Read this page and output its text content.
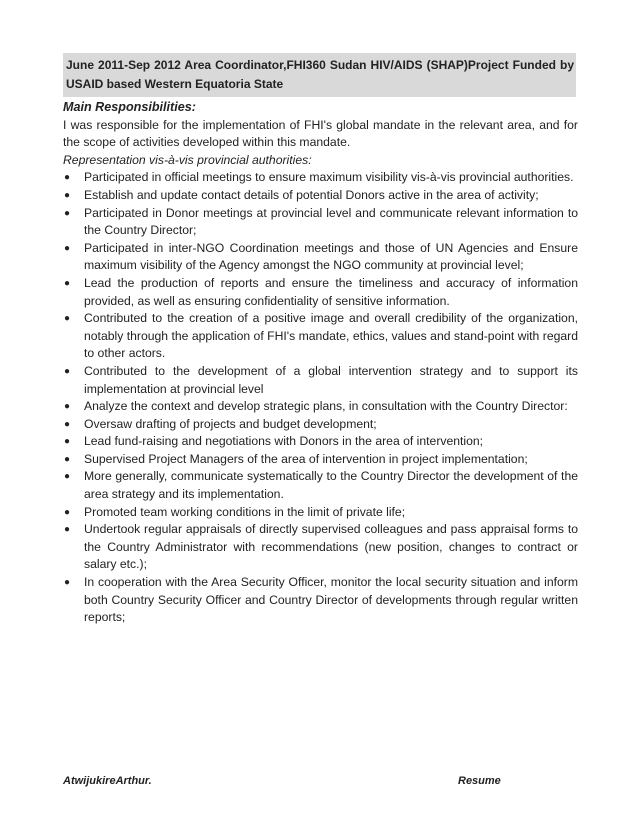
June 2011-Sep 2012 Area Coordinator,FHI360 Sudan HIV/AIDS (SHAP)Project Funded by USAID based Western Equatoria State

Main Responsibilities:

I was responsible for the implementation of FHI's global mandate in the relevant area, and for the scope of activities developed within this mandate.

Representation vis-à-vis provincial authorities:

● Participated in official meetings to ensure maximum visibility vis-à-vis provincial authorities.
● Establish and update contact details of potential Donors active in the area of activity;
● Participated in Donor meetings at provincial level and communicate relevant information to the Country Director;
● Participated in inter-NGO Coordination meetings and those of UN Agencies and Ensure maximum visibility of the Agency amongst the NGO community at provincial level;
● Lead the production of reports and ensure the timeliness and accuracy of information provided, as well as ensuring confidentiality of sensitive information.
● Contributed to the creation of a positive image and overall credibility of the organization, notably through the application of FHI's mandate, ethics, values and stand-point with regard to other actors.
● Contributed to the development of a global intervention strategy and to support its implementation at provincial level
● Analyze the context and develop strategic plans, in consultation with the Country Director:
● Oversaw drafting of projects and budget development;
● Lead fund-raising and negotiations with Donors in the area of intervention;
● Supervised Project Managers of the area of intervention in project implementation;
● More generally, communicate systematically to the Country Director the development of the area strategy and its implementation.
● Promoted team working conditions in the limit of private life;
● Undertook regular appraisals of directly supervised colleagues and pass appraisal forms to the Country Administrator with recommendations (new position, changes to contract or salary etc.);
● In cooperation with the Area Security Officer, monitor the local security situation and inform both Country Security Officer and Country Director of developments through regular written reports;
AtwijukireArthur.	Resume
